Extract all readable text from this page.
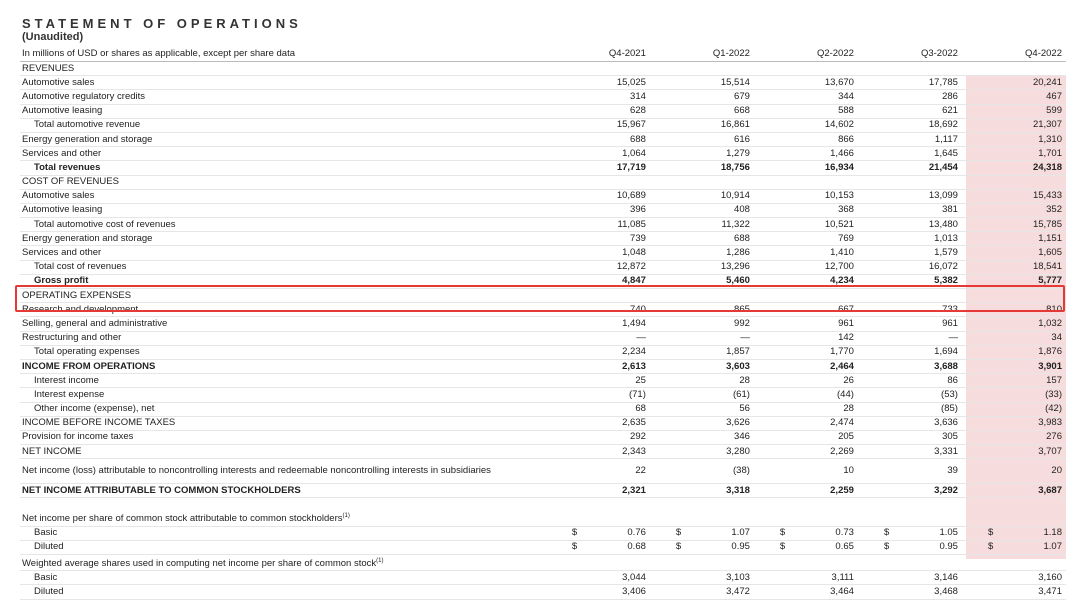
STATEMENT OF OPERATIONS
(Unaudited)
In millions of USD or shares as applicable, except per share data	Q4-2021	Q1-2022	Q2-2022	Q3-2022	Q4-2022
REVENUES					
Automotive sales	15,025	15,514	13,670	17,785	20,241
Automotive regulatory credits	314	679	344	286	467
Automotive leasing	628	668	588	621	599
Total automotive revenue	15,967	16,861	14,602	18,692	21,307
Energy generation and storage	688	616	866	1,117	1,310
Services and other	1,064	1,279	1,466	1,645	1,701
Total revenues	17,719	18,756	16,934	21,454	24,318
COST OF REVENUES					
Automotive sales	10,689	10,914	10,153	13,099	15,433
Automotive leasing	396	408	368	381	352
Total automotive cost of revenues	11,085	11,322	10,521	13,480	15,785
Energy generation and storage	739	688	769	1,013	1,151
Services and other	1,048	1,286	1,410	1,579	1,605
Total cost of revenues	12,872	13,296	12,700	16,072	18,541
Gross profit	4,847	5,460	4,234	5,382	5,777
OPERATING EXPENSES					
Research and development	740	865	667	733	810
Selling, general and administrative	1,494	992	961	961	1,032
Restructuring and other	—	—	142	—	34
Total operating expenses	2,234	1,857	1,770	1,694	1,876
INCOME FROM OPERATIONS	2,613	3,603	2,464	3,688	3,901
Interest income	25	28	26	86	157
Interest expense	(71)	(61)	(44)	(53)	(33)
Other income (expense), net	68	56	28	(85)	(42)
INCOME BEFORE INCOME TAXES	2,635	3,626	2,474	3,636	3,983
Provision for income taxes	292	346	205	305	276
NET INCOME	2,343	3,280	2,269	3,331	3,707
Net income (loss) attributable to noncontrolling interests and redeemable noncontrolling interests in subsidiaries	22	(38)	10	39	20
NET INCOME ATTRIBUTABLE TO COMMON STOCKHOLDERS	2,321	3,318	2,259	3,292	3,687

Net income per share of common stock attributable to common stockholders$^{(1)}$
Basic	$ 0.76	$ 1.07	$ 0.73	$ 1.05	$ 1.18
Diluted	$ 0.68	$ 0.95	$ 0.65	$ 0.95	$ 1.07
Weighted average shares used in computing net income per share of common stock$^{(1)}$
Basic	3,044	3,103	3,111	3,146	3,160
Diluted	3,406	3,472	3,464	3,468	3,471
